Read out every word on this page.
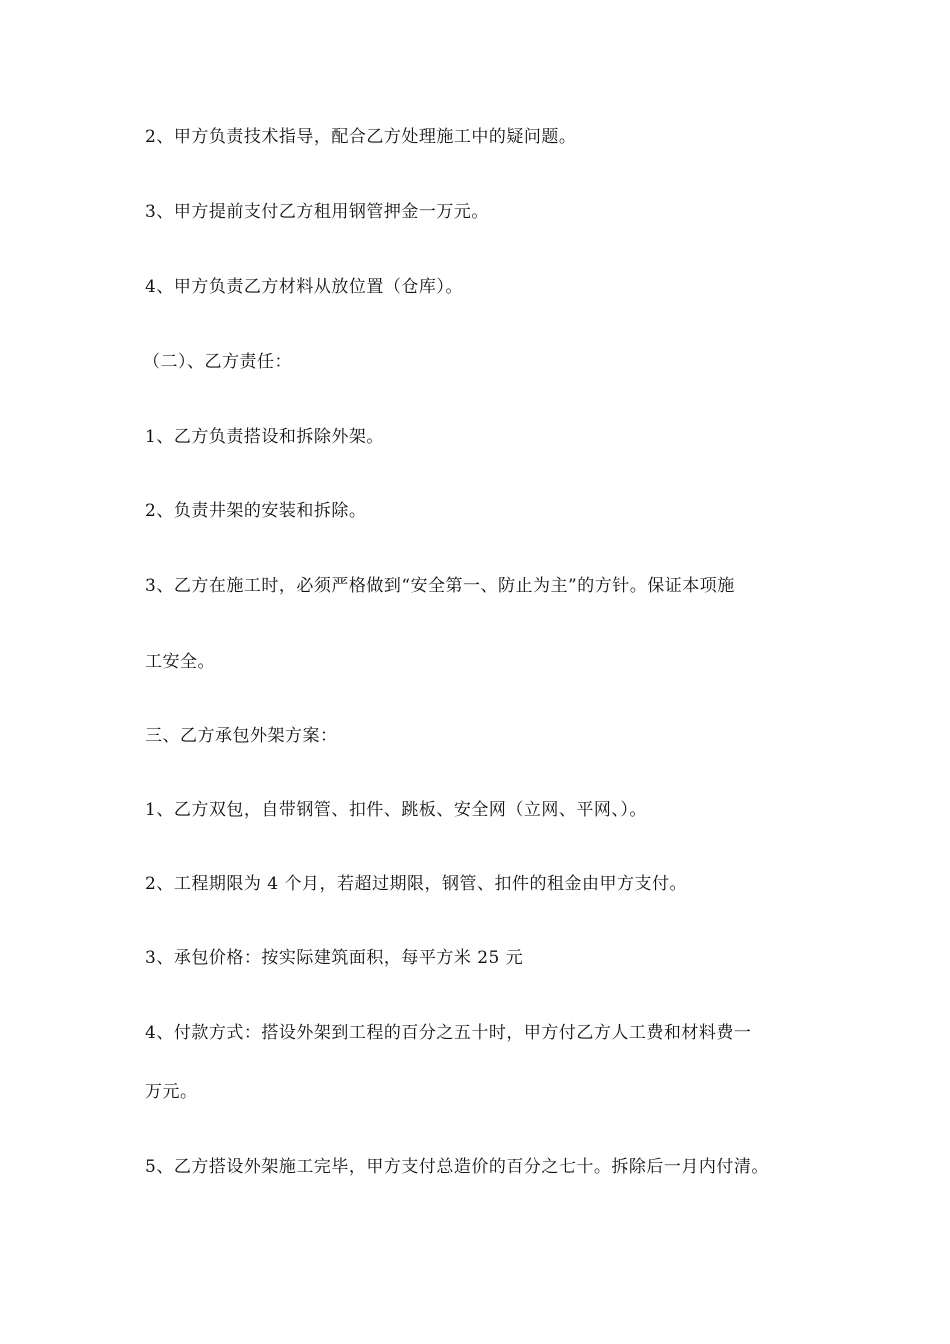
2、甲方负责技术指导，配合乙方处理施工中的疑问题。
3、甲方提前支付乙方租用钢管押金一万元。
4、甲方负责乙方材料从放位置（仓库）。
（二）、乙方责任：
1、乙方负责搭设和拆除外架。
2、负责井架的安装和拆除。
3、乙方在施工时，必须严格做到“安全第一、防止为主”的方针。保证本项施
工安全。
三、乙方承包外架方案：
1、乙方双包，自带钢管、扣件、跳板、安全网（立网、平网、）。
2、工程期限为 4 个月，若超过期限，钢管、扣件的租金由甲方支付。
3、承包价格：按实际建筑面积，每平方米 25 元
4、付款方式：搭设外架到工程的百分之五十时，甲方付乙方人工费和材料费一
万元。
5、乙方搭设外架施工完毕，甲方支付总造价的百分之七十。拆除后一月内付清。
